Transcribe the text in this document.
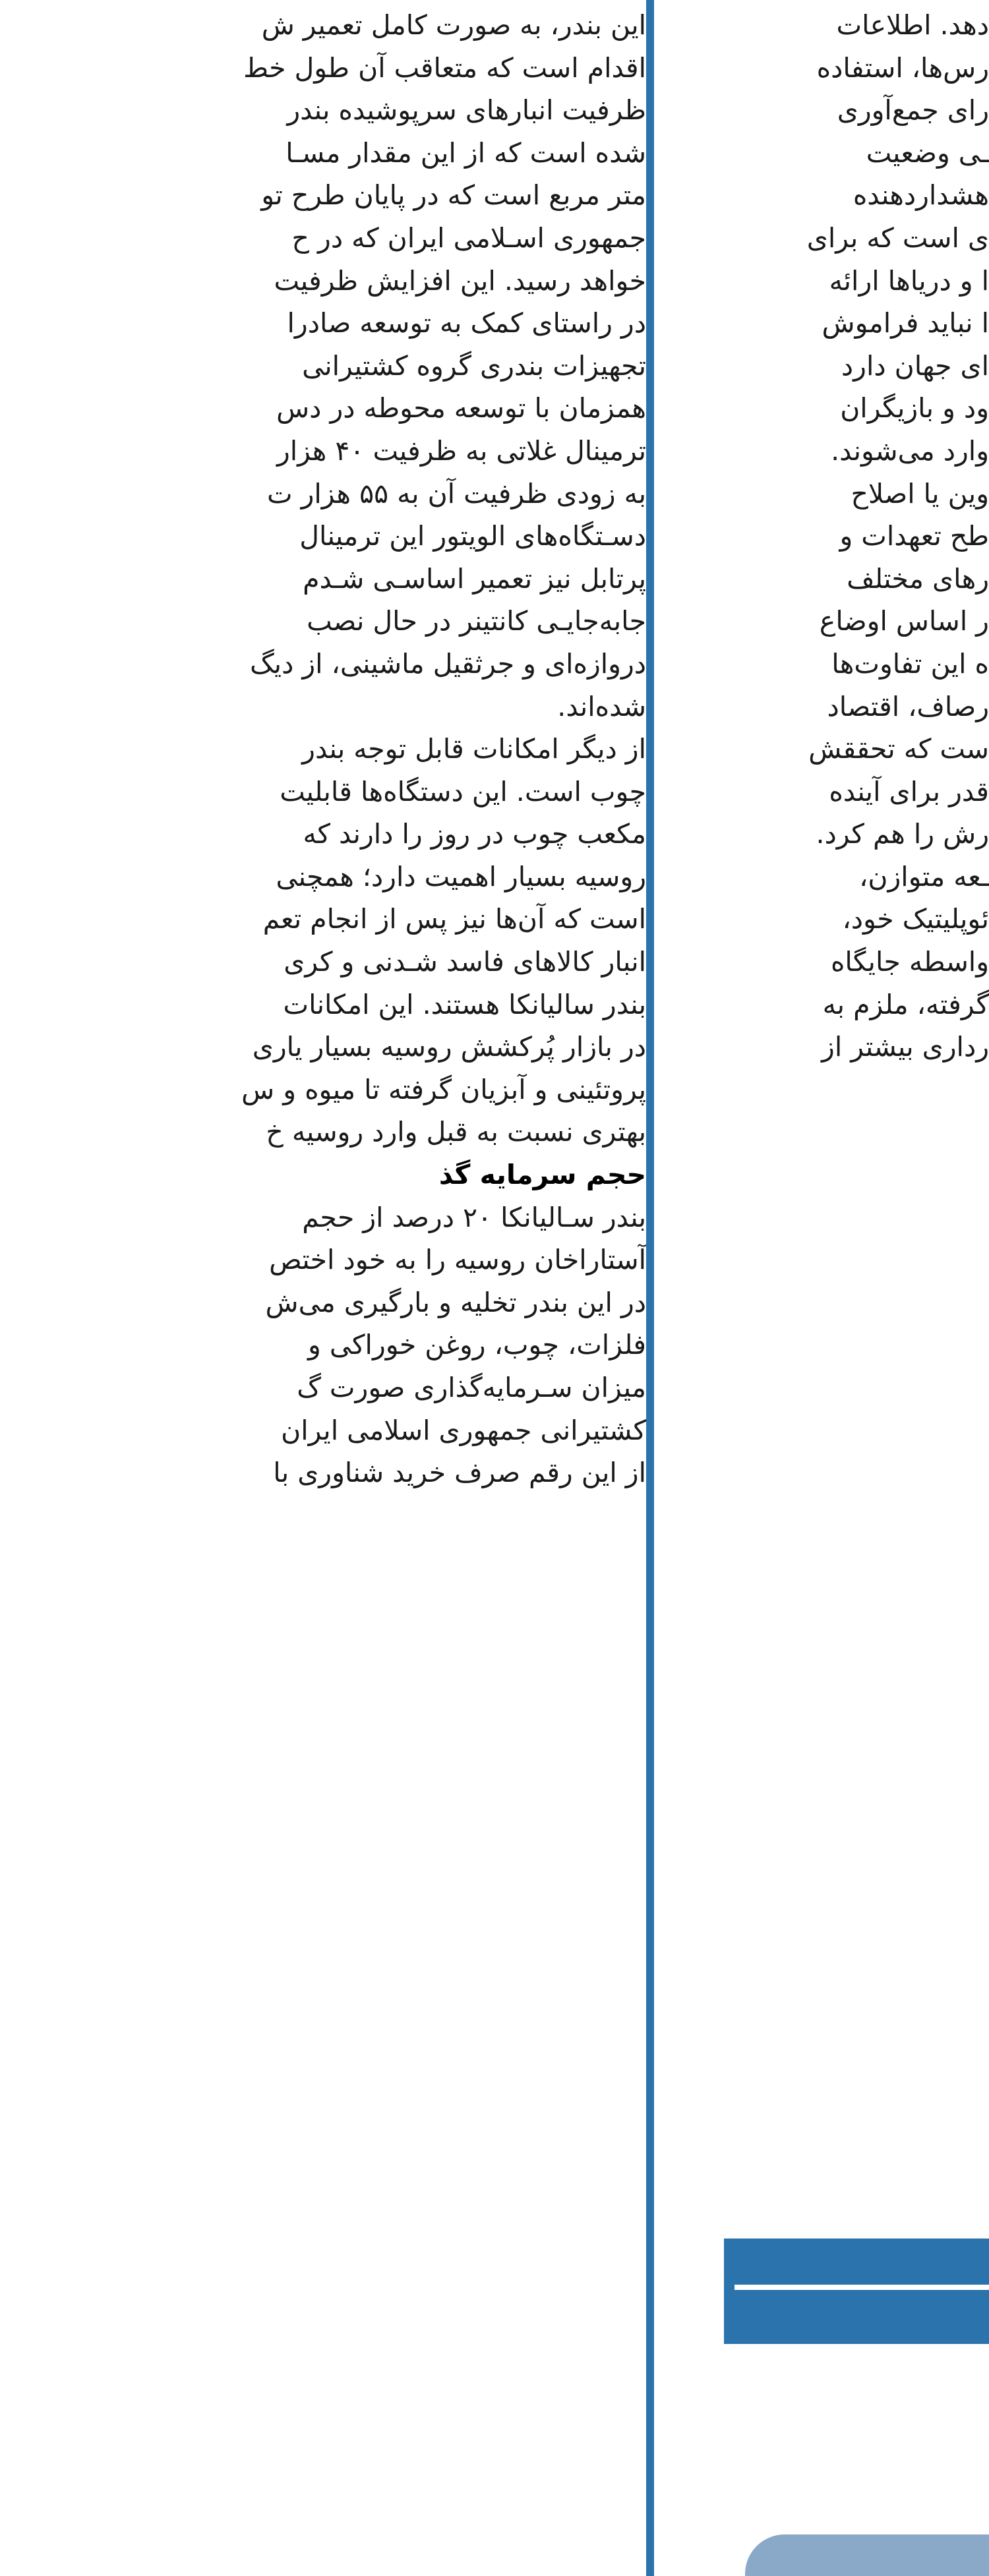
این بندر، به صورت کامل تعمیر ش
اقدام است که متعاقب آن طول خط
ظرفیت انبارهای سرپوشیده بندر
شده است که از این مقدار مسـا
متر مربع است که در پایان طرح تو
جمهوری اسـلامی ایران که در ح
خواهد رسید. این افزایش ظرفیت
در راستای کمک به توسعه صادرا
تجهیزات بندری گروه کشتیرانی
همزمان با توسعه محوطه در دس
ترمینال غلاتی به ظرفیت ۴۰ هزار
به زودی ظرفیت آن به ۵۵ هزار ت
دسـتگاه‌های الویتور این ترمینال
پرتابل نیز تعمیر اساسـی شـدم
جابه‌جایـی کانتینر در حال نصب
دروازه‌ای و جرثقیل ماشینی، از دیگ
شده‌اند.
از دیگر امکانات قابل توجه بندر
چوب است. این دستگاه‌ها قابلیت
مکعب چوب در روز را دارند که
روسیه بسیار اهمیت دارد؛ همچنی
است که آن‌ها نیز پس از انجام تعم
انبار کالاهای فاسد شـدنی و کری
بندر سالیانکا هستند. این امکانات
در بازار پُرکشش روسیه بسیار یاری
پروتئینی و آبزیان گرفته تا میوه و س
بهتری نسبت به قبل وارد روسیه خ
حجم سرمایه گذ
بندر سـالیانکا ۲۰ درصد از حجم
آستاراخان روسیه را به خود اختص
در این بندر تخلیه و بارگیری می‌ش
فلزات، چوب، روغن خوراکی و
میزان سـرمایه‌گذاری صورت گ
کشتیرانی جمهوری اسلامی ایران
از این رقم صرف خرید شناوری با
دهد. اطلاعات
رس‌ها، استفاده
رای جمع‌آوری
ـی وضعیت
هشداردهنده
ی است که برای
ا و دریاها ارائه
ا نباید فراموش
ای جهان دارد
ود و بازیگران
وارد می‌شوند.
وین یا اصلاح
طح تعهدات و
رهای مختلف
ر اساس اوضاع
ه این تفاوت‌ها
رصاف، اقتصاد
ست که تحققش
قدر برای آینده
رش را هم کرد.
ـعه متوازن،
ئوپلیتیک خود،
واسطه جایگاه
گرفته، ملزم به
رداری بیشتر از
